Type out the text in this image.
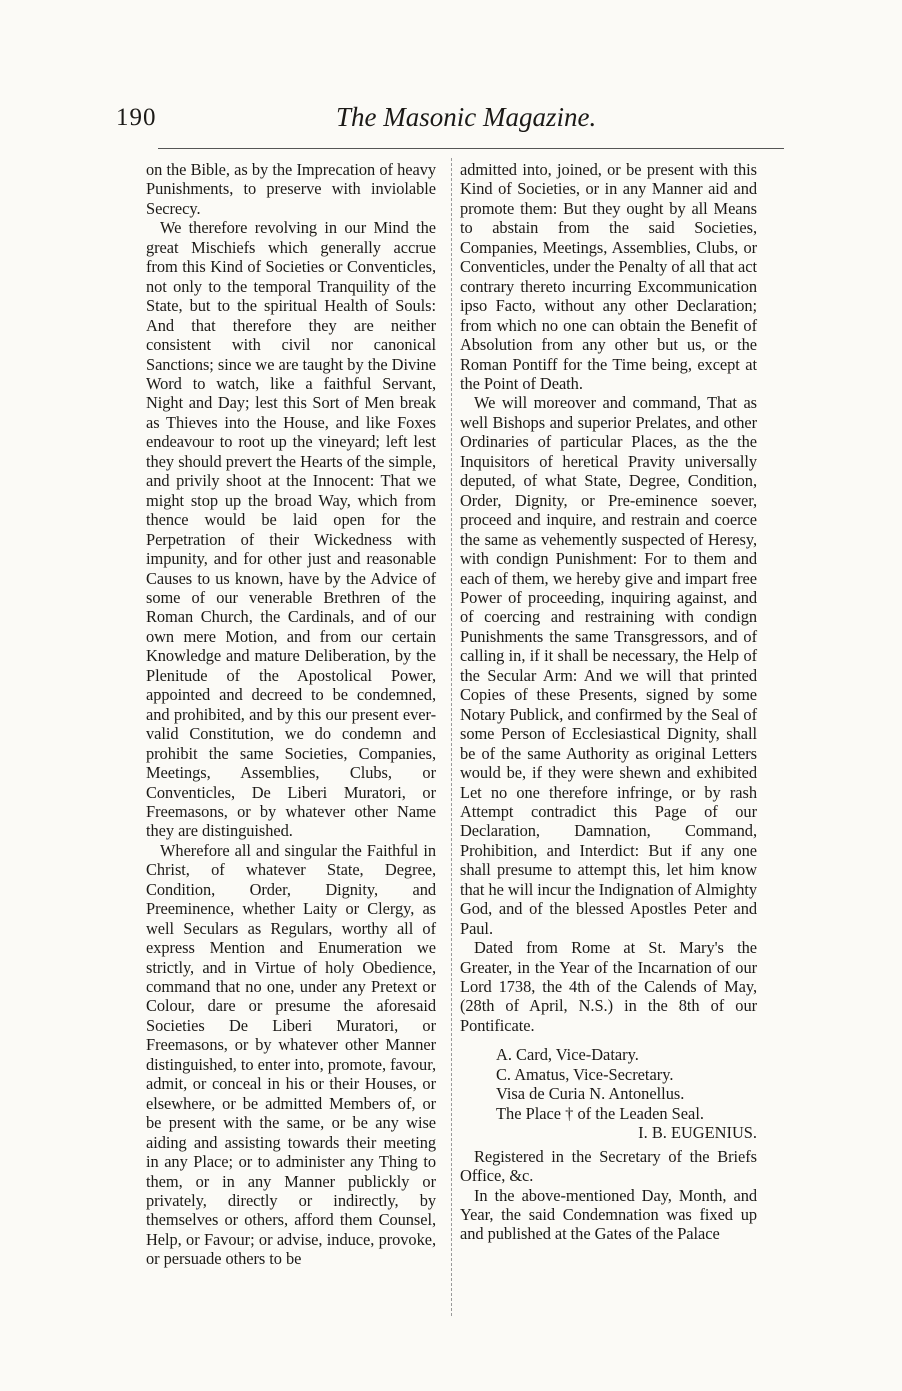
190	The Masonic Magazine.

on the Bible, as by the Imprecation of heavy Punishments, to preserve with inviolable Secrecy.

We therefore revolving in our Mind the great Mischiefs which generally accrue from this Kind of Societies or Conventicles, not only to the temporal Tranquility of the State, but to the spiritual Health of Souls: And that therefore they are neither consistent with civil nor canonical Sanctions; since we are taught by the Divine Word to watch, like a faithful Servant, Night and Day; lest this Sort of Men break as Thieves into the House, and like Foxes endeavour to root up the vineyard; left lest they should prevert the Hearts of the simple, and privily shoot at the Innocent: That we might stop up the broad Way, which from thence would be laid open for the Perpetration of their Wickedness with impunity, and for other just and reasonable Causes to us known, have by the Advice of some of our venerable Brethren of the Roman Church, the Cardinals, and of our own mere Motion, and from our certain Knowledge and mature Deliberation, by the Plenitude of the Apostolical Power, appointed and decreed to be condemned, and prohibited, and by this our present ever-valid Constitution, we do condemn and prohibit the same Societies, Companies, Meetings, Assemblies, Clubs, or Conventicles, De Liberi Muratori, or Freemasons, or by whatever other Name they are distinguished.

Wherefore all and singular the Faithful in Christ, of whatever State, Degree, Condition, Order, Dignity, and Preeminence, whether Laity or Clergy, as well Seculars as Regulars, worthy all of express Mention and Enumeration we strictly, and in Virtue of holy Obedience, command that no one, under any Pretext or Colour, dare or presume the aforesaid Societies De Liberi Muratori, or Freemasons, or by whatever other Manner distinguished, to enter into, promote, favour, admit, or conceal in his or their Houses, or elsewhere, or be admitted Members of, or be present with the same, or be any wise aiding and assisting towards their meeting in any Place; or to administer any Thing to them, or in any Manner publickly or privately, directly or indirectly, by themselves or others, afford them Counsel, Help, or Favour; or advise, induce, provoke, or persuade others to be

admitted into, joined, or be present with this Kind of Societies, or in any Manner aid and promote them: But they ought by all Means to abstain from the said Societies, Companies, Meetings, Assemblies, Clubs, or Conventicles, under the Penalty of all that act contrary thereto incurring Excommunication ipso Facto, without any other Declaration; from which no one can obtain the Benefit of Absolution from any other but us, or the Roman Pontiff for the Time being, except at the Point of Death.

We will moreover and command, That as well Bishops and superior Prelates, and other Ordinaries of particular Places, as the the Inquisitors of heretical Pravity universally deputed, of what State, Degree, Condition, Order, Dignity, or Pre-eminence soever, proceed and inquire, and restrain and coerce the same as vehemently suspected of Heresy, with condign Punishment: For to them and each of them, we hereby give and impart free Power of proceeding, inquiring against, and of coercing and restraining with condign Punishments the same Transgressors, and of calling in, if it shall be necessary, the Help of the Secular Arm: And we will that printed Copies of these Presents, signed by some Notary Publick, and confirmed by the Seal of some Person of Ecclesiastical Dignity, shall be of the same Authority as original Letters would be, if they were shewn and exhibited Let no one therefore infringe, or by rash Attempt contradict this Page of our Declaration, Damnation, Command, Prohibition, and Interdict: But if any one shall presume to attempt this, let him know that he will incur the Indignation of Almighty God, and of the blessed Apostles Peter and Paul.

Dated from Rome at St. Mary's the Greater, in the Year of the Incarnation of our Lord 1738, the 4th of the Calends of May, (28th of April, N.S.) in the 8th of our Pontificate.

A. Card, Vice-Datary.

C. Amatus, Vice-Secretary.

Visa de Curia N. Antonellus.

The Place † of the Leaden Seal.

I. B. EUGENIUS.

Registered in the Secretary of the Briefs Office, &c.

In the above-mentioned Day, Month, and Year, the said Condemnation was fixed up and published at the Gates of the Palace
